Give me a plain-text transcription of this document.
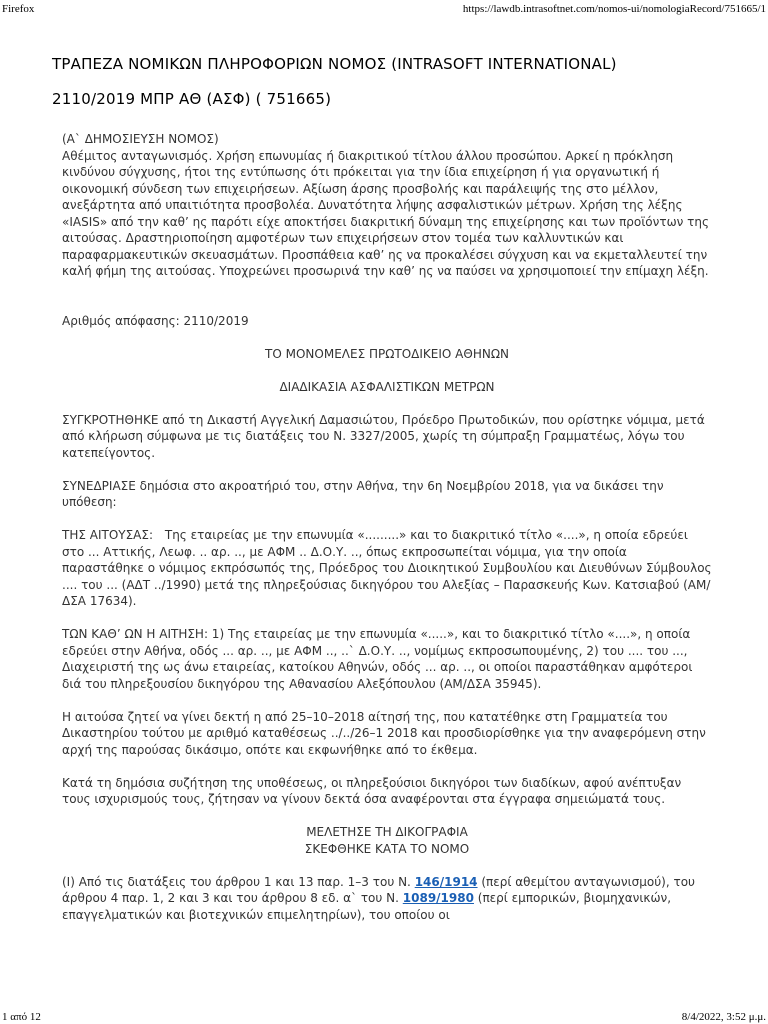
Firefox	https://lawdb.intrasoftnet.com/nomos-ui/nomologiaRecord/751665/1
ΤΡΑΠΕΖΑ ΝΟΜΙΚΩΝ ΠΛΗΡΟΦΟΡΙΩΝ ΝΟΜΟΣ (INTRASOFT INTERNATIONAL)
2110/2019 ΜΠΡ ΑΘ (ΑΣΦ) ( 751665)

(Α` ΔΗΜΟΣΙΕΥΣΗ ΝΟΜΟΣ)
Αθέμιτος ανταγωνισμός. Χρήση επωνυμίας ή διακριτικού τίτλου άλλου προσώπου. Αρκεί η πρόκληση κινδύνου σύγχυσης, ήτοι της εντύπωσης ότι πρόκειται για την ίδια επιχείρηση ή για οργανωτική ή οικονομική σύνδεση των επιχειρήσεων. Αξίωση άρσης προσβολής και παράλειψής της στο μέλλον, ανεξάρτητα από υπαιτιότητα προσβολέα. Δυνατότητα λήψης ασφαλιστικών μέτρων. Χρήση της λέξης «IASIS» από την καθ’ ης παρότι είχε αποκτήσει διακριτική δύναμη της επιχείρησης και των προϊόντων της αιτούσας. Δραστηριοποίηση αμφοτέρων των επιχειρήσεων στον τομέα των καλλυντικών και παραφαρμακευτικών σκευασμάτων. Προσπάθεια καθ’ ης να προκαλέσει σύγχυση και να εκμεταλλευτεί την καλή φήμη της αιτούσας. Υποχρεώνει προσωρινά την καθ’ ης να παύσει να χρησιμοποιεί την επίμαχη λέξη.

Αριθμός απόφασης: 2110/2019

ΤΟ ΜΟΝΟΜΕΛΕΣ ΠΡΩΤΟΔΙΚΕΙΟ ΑΘΗΝΩΝ

ΔΙΑΔΙΚΑΣΙΑ ΑΣΦΑΛΙΣΤΙΚΩΝ ΜΕΤΡΩΝ

ΣΥΓΚΡΟΤΗΘΗΚΕ από τη Δικαστή Αγγελική Δαμασιώτου, Πρόεδρο Πρωτοδικών, που ορίστηκε νόμιμα, μετά από κλήρωση σύμφωνα με τις διατάξεις του Ν. 3327/2005, χωρίς τη σύμπραξη Γραμματέως, λόγω του κατεπείγοντος.

ΣΥΝΕΔΡΙΑΣΕ δημόσια στο ακροατήριό του, στην Αθήνα, την 6η Νοεμβρίου 2018, για να δικάσει την υπόθεση:

ΤΗΣ ΑΙΤΟΥΣΑΣ: Της εταιρείας με την επωνυμία «.........» και το διακριτικό τίτλο «....», η οποία εδρεύει στο ... Αττικής, Λεωφ. .. αρ. .., με ΑΦΜ .. Δ.Ο.Υ. .., όπως εκπροσωπείται νόμιμα, για την οποία παραστάθηκε ο νόμιμος εκπρόσωπός της, Πρόεδρος του Διοικητικού Συμβουλίου και Διευθύνων Σύμβουλος .... του ... (ΑΔΤ ../1990) μετά της πληρεξούσιας δικηγόρου του Αλεξίας – Παρασκευής Κων. Κατσιαβού (ΑΜ/ΔΣΑ 17634).

ΤΩΝ ΚΑΘ’ ΩΝ Η ΑΙΤΗΣΗ: 1) Της εταιρείας με την επωνυμία «.....», και το διακριτικό τίτλο «....», η οποία εδρεύει στην Αθήνα, οδός ... αρ. .., με ΑΦΜ .., ..` Δ.Ο.Υ. .., νομίμως εκπροσωπουμένης, 2) του .... του ..., Διαχειριστή της ως άνω εταιρείας, κατοίκου Αθηνών, οδός ... αρ. .., οι οποίοι παραστάθηκαν αμφότεροι διά του πληρεξουσίου δικηγόρου της Αθανασίου Αλεξόπουλου (ΑΜ/ΔΣΑ 35945).

Η αιτούσα ζητεί να γίνει δεκτή η από 25–10–2018 αίτησή της, που κατατέθηκε στη Γραμματεία του Δικαστηρίου τούτου με αριθμό καταθέσεως ../../26–1 2018 και προσδιορίσθηκε για την αναφερόμενη στην αρχή της παρούσας δικάσιμο, οπότε και εκφωνήθηκε από το έκθεμα.

Κατά τη δημόσια συζήτηση της υποθέσεως, οι πληρεξούσιοι δικηγόροι των διαδίκων, αφού ανέπτυξαν τους ισχυρισμούς τους, ζήτησαν να γίνουν δεκτά όσα αναφέρονται στα έγγραφα σημειώματά τους.

ΜΕΛΕΤΗΣΕ ΤΗ ΔΙΚΟΓΡΑΦΙΑ
ΣΚΕΦΘΗΚΕ ΚΑΤΑ ΤΟ ΝΟΜΟ

(Ι) Από τις διατάξεις του άρθρου 1 και 13 παρ. 1–3 του Ν. 146/1914 (περί αθεμίτου ανταγωνισμού), του άρθρου 4 παρ. 1, 2 και 3 και του άρθρου 8 εδ. α` του Ν. 1089/1980 (περί εμπορικών, βιομηχανικών, επαγγελματικών και βιοτεχνικών επιμελητηρίων), του οποίου οι

1 από 12	8/4/2022, 3:52 μ.μ.
